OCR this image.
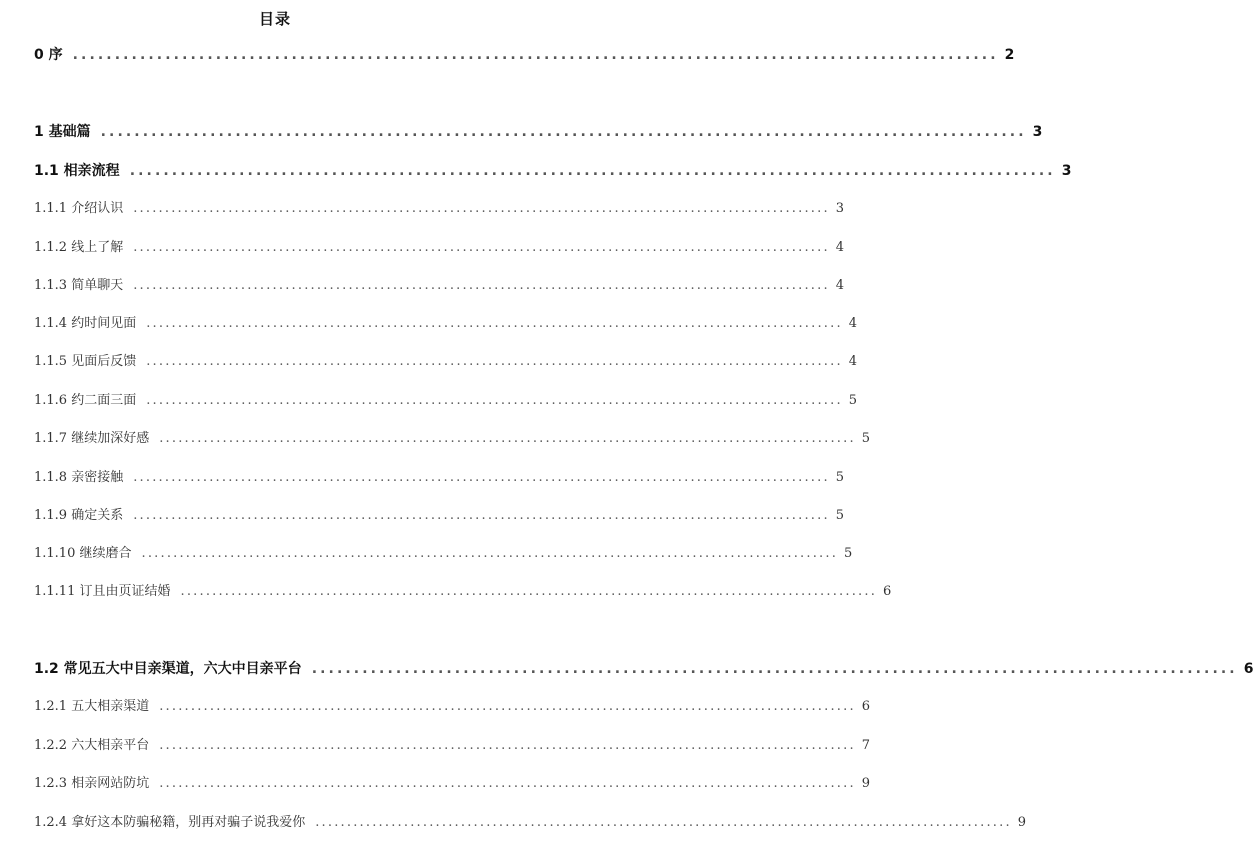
目录
0 序 .............................................................................................................. 2
1 基础篇 .............................................................................................................. 3
1.1 相亲流程 .............................................................................................................. 3
1.1.1 介绍认识 .............................................................................................................. 3
1.1.2 线上了解 .............................................................................................................. 4
1.1.3 简单聊天 .............................................................................................................. 4
1.1.4 约时间见面 .............................................................................................................. 4
1.1.5 见面后反馈 .............................................................................................................. 4
1.1.6 约二面三面 .............................................................................................................. 5
1.1.7 继续加深好感 .............................................................................................................. 5
1.1.8 亲密接触 .............................................................................................................. 5
1.1.9 确定关系 .............................................................................................................. 5
1.1.10 继续磨合 .............................................................................................................. 5
1.1.11 订且由页证结婚 .............................................................................................................. 6
1.2 常见五大中目亲渠道，六大中目亲平台 .............................................................................................................. 6
1.2.1 五大相亲渠道 .............................................................................................................. 6
1.2.2 六大相亲平台 .............................................................................................................. 7
1.2.3 相亲网站防坑 .............................................................................................................. 9
1.2.4 拿好这本防骗秘籍，别再对骗子说我爱你 .............................................................................................................. 9
